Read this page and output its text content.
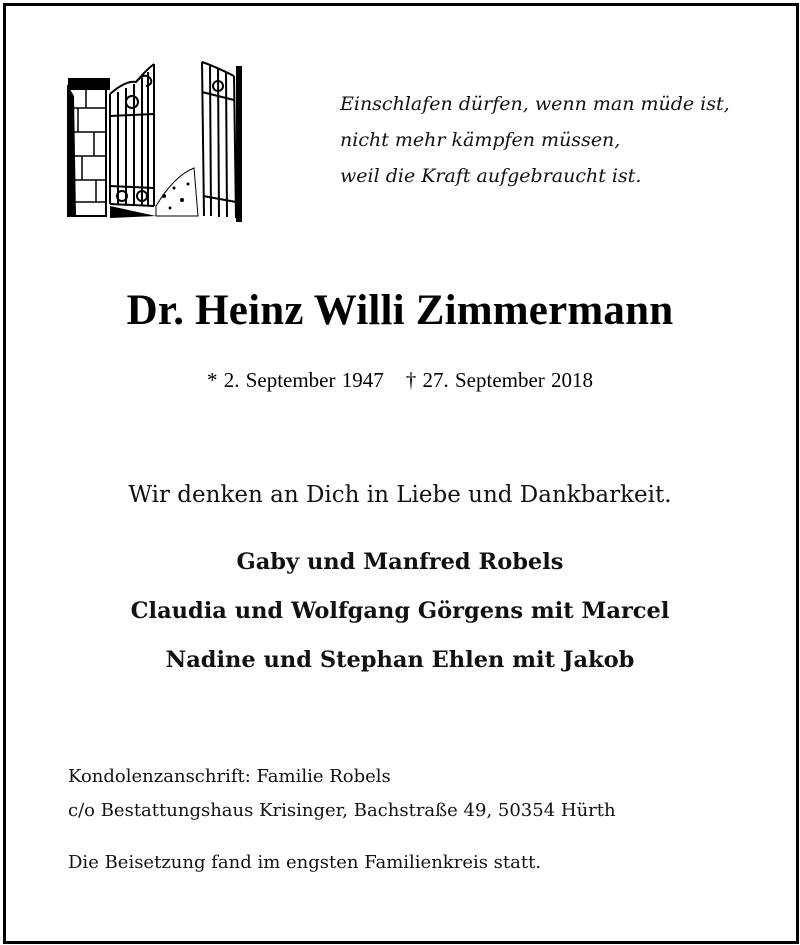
Einschlafen dürfen, wenn man müde ist,
nicht mehr kämpfen müssen,
weil die Kraft aufgebraucht ist.
Dr. Heinz Willi Zimmermann
* 2. September 1947 † 27. September 2018
Wir denken an Dich in Liebe und Dankbarkeit.
Gaby und Manfred Robels
Claudia und Wolfgang Görgens mit Marcel
Nadine und Stephan Ehlen mit Jakob
Kondolenzanschrift: Familie Robels
c/o Bestattungshaus Krisinger, Bachstraße 49, 50354 Hürth
Die Beisetzung fand im engsten Familienkreis statt.
